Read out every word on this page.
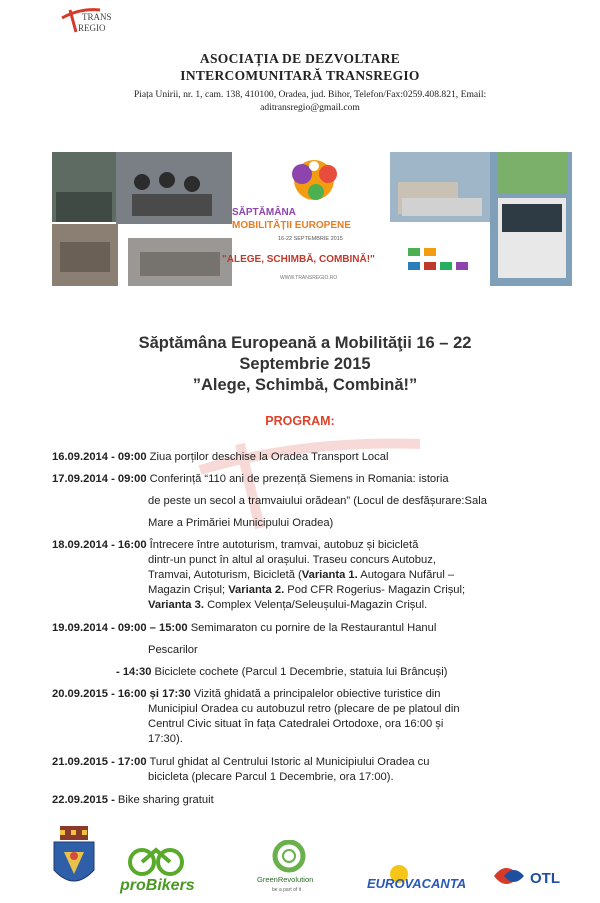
TRANS
REGIO
ASOCIAȚIA DE DEZVOLTARE
INTERCOMUNITARĂ TRANSREGIO
Piața Unirii, nr. 1, cam. 138, 410100, Oradea, jud. Bihor, Telefon/Fax:0259.408.821, Email:
aditransregio@gmail.com
SĂPTĂMÂNA
MOBILITĂȚII EUROPENE
16-22 SEPTEMBRIE 2015
"ALEGE, SCHIMBĂ, COMBINĂ!"
WWW.TRANSREGIO.RO
Săptămâna Europeană a Mobilităţii 16 – 22
Septembrie 2015
”Alege, Schimbă, Combină!”
PROGRAM:
16.09.2014 - 09:00 Ziua porților deschise la Oradea Transport Local
17.09.2014 - 09:00 Conferință “110 ani de prezență Siemens in Romania: istoria
de peste un secol a tramvaiului orădean” (Locul de desfășurare:Sala
Mare a Primăriei Municipului Oradea)
18.09.2014 - 16:00 Întrecere între autoturism, tramvai, autobuz și bicicletă
dintr-un punct în altul al orașului. Traseu concurs Autobuz,
Tramvai, Autoturism, Bicicletă (Varianta 1. Autogara Nufărul –
Magazin Crișul; Varianta 2. Pod CFR Rogerius- Magazin Crișul;
Varianta 3. Complex Velența/Seleușului-Magazin Crișul.
19.09.2014 - 09:00 – 15:00 Semimaraton cu pornire de la Restaurantul Hanul
Pescarilor
- 14:30 Biciclete cochete (Parcul 1 Decembrie, statuia lui Brâncuși)
20.09.2015 - 16:00 și 17:30 Vizită ghidată a principalelor obiective turistice din
Municipiul Oradea cu autobuzul retro (plecare de pe platoul din
Centrul Civic situat în fața Catedralei Ortodoxe, ora 16:00 și
17:30).
21.09.2015 - 17:00 Turul ghidat al Centrului Istoric al Municipiului Oradea cu
bicicleta (plecare Parcul 1 Decembrie, ora 17:00).
22.09.2015 - Bike sharing gratuit
proBikers	GreenRevolution
be a part of it	EUROVACANTA	OTL
